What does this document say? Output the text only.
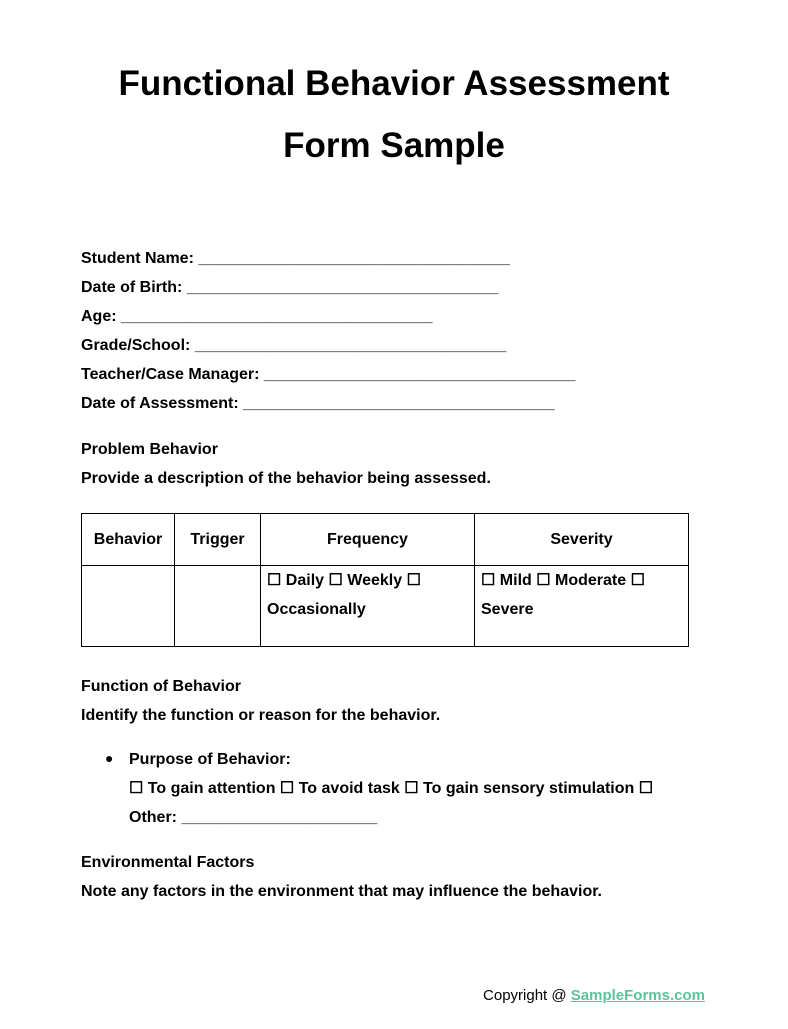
Functional Behavior Assessment
Form Sample

Student Name: ___________________________________

Date of Birth: ___________________________________

Age: ___________________________________

Grade/School: ___________________________________

Teacher/Case Manager: ___________________________________

Date of Assessment: ___________________________________

Problem Behavior

Provide a description of the behavior being assessed.

Behavior	Trigger	Frequency	Severity
		☐ Daily ☐ Weekly ☐ Occasionally	☐ Mild ☐ Moderate ☐ Severe

Function of Behavior

Identify the function or reason for the behavior.

● Purpose of Behavior:
☐ To gain attention ☐ To avoid task ☐ To gain sensory stimulation ☐ Other: ______________________

Environmental Factors

Note any factors in the environment that may influence the behavior.

Copyright @ SampleForms.com
